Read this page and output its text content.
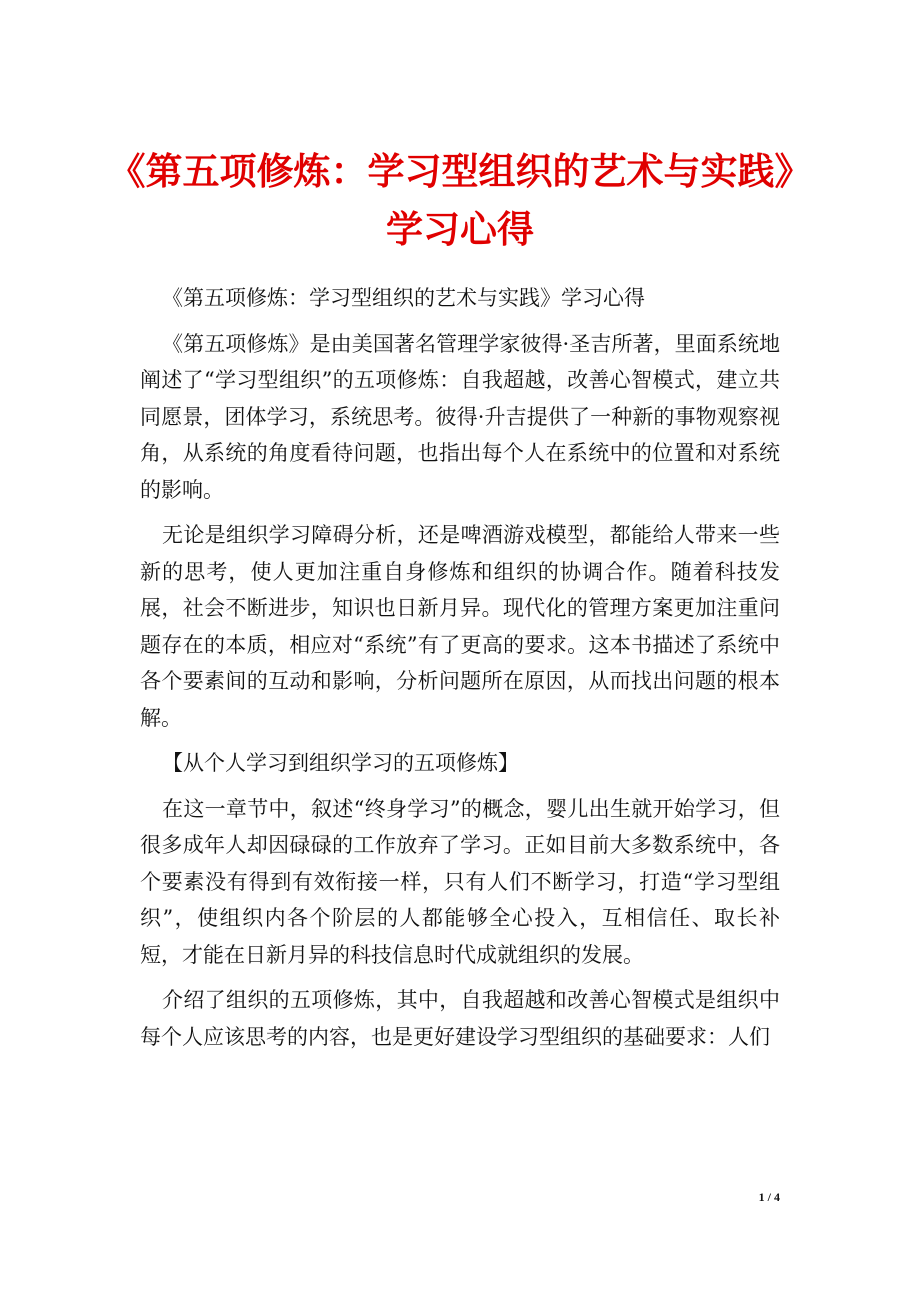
《第五项修炼：学习型组织的艺术与实践》
学习心得

《第五项修炼：学习型组织的艺术与实践》学习心得

《第五项修炼》是由美国著名管理学家彼得·圣吉所著，里面系统地阐述了“学习型组织”的五项修炼：自我超越，改善心智模式，建立共同愿景，团体学习，系统思考。彼得·升吉提供了一种新的事物观察视角，从系统的角度看待问题，也指出每个人在系统中的位置和对系统的影响。

无论是组织学习障碍分析，还是啤酒游戏模型，都能给人带来一些新的思考，使人更加注重自身修炼和组织的协调合作。随着科技发展，社会不断进步，知识也日新月异。现代化的管理方案更加注重问题存在的本质，相应对“系统”有了更高的要求。这本书描述了系统中各个要素间的互动和影响，分析问题所在原因，从而找出问题的根本解。

【从个人学习到组织学习的五项修炼】

在这一章节中，叙述“终身学习”的概念，婴儿出生就开始学习，但很多成年人却因碌碌的工作放弃了学习。正如目前大多数系统中，各个要素没有得到有效衔接一样，只有人们不断学习，打造“学习型组织”，使组织内各个阶层的人都能够全心投入，互相信任、取长补短，才能在日新月异的科技信息时代成就组织的发展。

介绍了组织的五项修炼，其中，自我超越和改善心智模式是组织中每个人应该思考的内容，也是更好建设学习型组织的基础要求：人们

1 / 4
